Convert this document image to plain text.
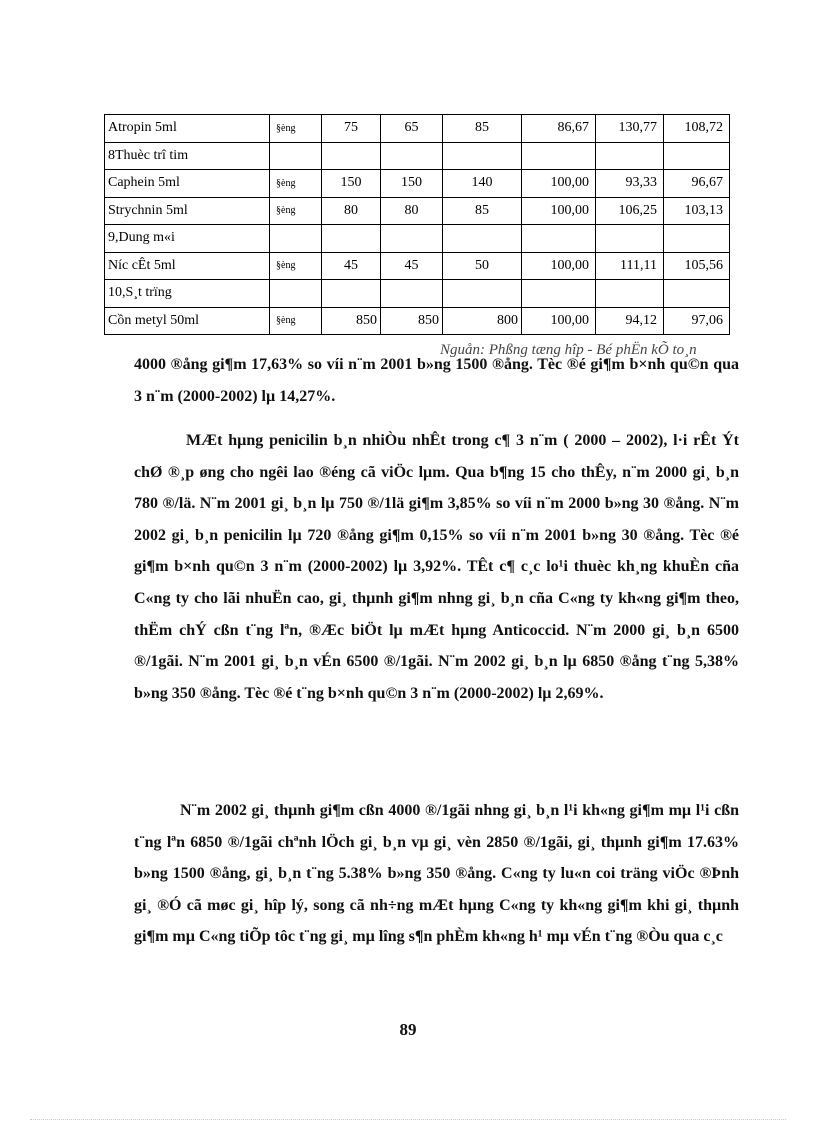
Atropin 5ml	§èng	75	65	85	86,67	130,77	108,72
8Thuèc trî tim							
Caphein 5ml	§èng	150	150	140	100,00	93,33	96,67
Strychnin 5ml	§èng	80	80	85	100,00	106,25	103,13
9,Dung m«i							
Níc cÊt 5ml	§èng	45	45	50	100,00	111,11	105,56
10,S¸t trïng							
Cồn metyl 50ml	§èng	850	850	800	100,00	94,12	97,06
4000 ®ång gi¶m 17,63% so víi n¨m 2001 b»ng 1500 ®ång. Tèc ®é gi¶m b×nh qu©n qua 3 n¨m (2000-2002) lµ 14,27%.
Nguån: Phßng tæng hîp - Bé phËn kÕ to¸n
MÆt hµng penicilin b¸n nhiÒu nhÊt trong c¶ 3 n¨m ( 2000 – 2002), l·i rÊt Ýt chØ ®¸p øng cho ngêi lao ®éng cã viÖc lµm. Qua b¶ng 15 cho thÊy, n¨m 2000 gi¸ b¸n 780 ®/lä. N¨m 2001 gi¸ b¸n lµ 750 ®/1lä gi¶m 3,85% so víi n¨m 2000 b»ng 30 ®ång. N¨m 2002 gi¸ b¸n penicilin lµ 720 ®ång gi¶m 0,15% so víi n¨m 2001 b»ng 30 ®ång. Tèc ®é gi¶m b×nh qu©n 3 n¨m (2000-2002) lµ 3,92%. TÊt c¶ c¸c lo¹i thuèc kh¸ng khuÈn cña C«ng ty cho lãi nhuËn cao, gi¸ thµnh gi¶m nhng gi¸ b¸n cña C«ng ty kh«ng gi¶m theo, thËm chÝ cßn t¨ng lªn, ®Æc biÖt lµ mÆt hµng Anticoccid. N¨m 2000 gi¸ b¸n 6500 ®/1gãi. N¨m 2001 gi¸ b¸n vÉn 6500 ®/1gãi. N¨m 2002 gi¸ b¸n lµ 6850 ®ång t¨ng 5,38% b»ng 350 ®ång. Tèc ®é t¨ng b×nh qu©n 3 n¨m (2000-2002) lµ 2,69%.
N¨m 2002 gi¸ thµnh gi¶m cßn 4000 ®/1gãi nhng gi¸ b¸n l¹i kh«ng gi¶m mµ l¹i cßn t¨ng lªn 6850 ®/1gãi chªnh lÖch gi¸ b¸n vµ gi¸ vèn 2850 ®/1gãi, gi¸ thµnh gi¶m 17.63% b»ng 1500 ®ång, gi¸ b¸n t¨ng 5.38% b»ng 350 ®ång. C«ng ty lu«n coi träng viÖc ®Þnh gi¸ ®Ó cã møc gi¸ hîp lý, song cã nh÷ng mÆt hµng C«ng ty kh«ng gi¶m khi gi¸ thµnh gi¶m mµ C«ng tiÕp tôc t¨ng gi¸ mµ lîng s¶n phÈm kh«ng h¹ mµ vÉn t¨ng ®Òu qua c¸c
89
